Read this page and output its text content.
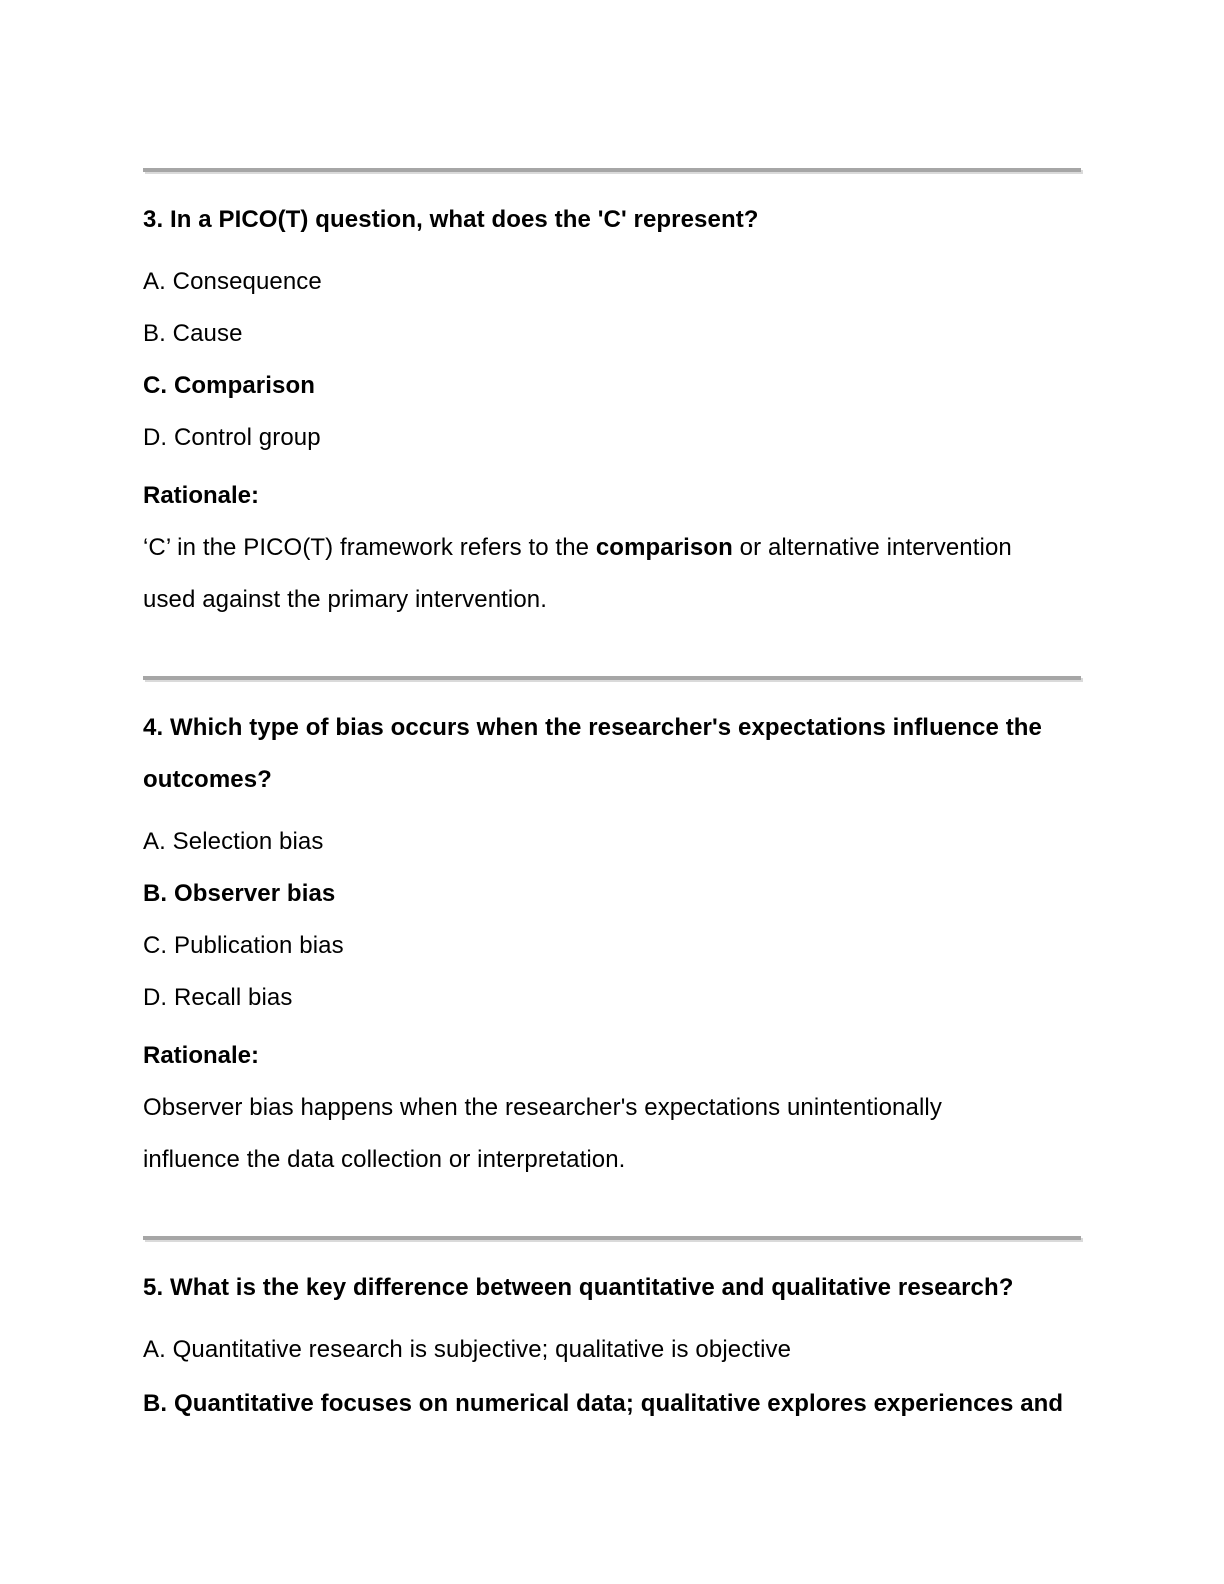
3. In a PICO(T) question, what does the 'C' represent?
A. Consequence
B. Cause
C. Comparison
D. Control group
Rationale:
‘C’ in the PICO(T) framework refers to the comparison or alternative intervention
used against the primary intervention.
4. Which type of bias occurs when the researcher's expectations influence the
outcomes?
A. Selection bias
B. Observer bias
C. Publication bias
D. Recall bias
Rationale:
Observer bias happens when the researcher's expectations unintentionally
influence the data collection or interpretation.
5. What is the key difference between quantitative and qualitative research?
A. Quantitative research is subjective; qualitative is objective
B. Quantitative focuses on numerical data; qualitative explores experiences and
